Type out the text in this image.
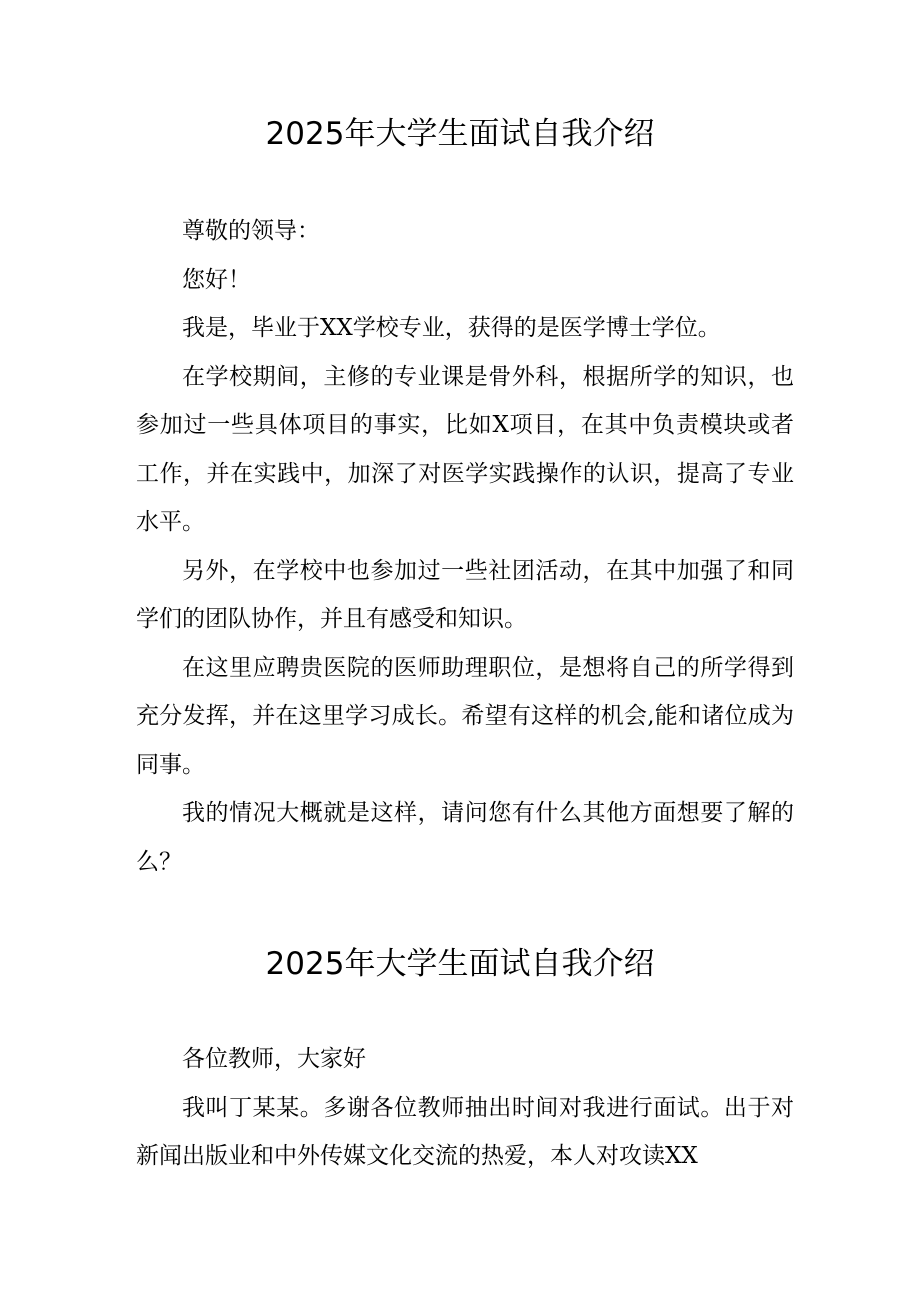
2025年大学生面试自我介绍

尊敬的领导：

您好！

我是，毕业于XX学校专业，获得的是医学博士学位。

在学校期间，主修的专业课是骨外科，根据所学的知识，也参加过一些具体项目的事实，比如X项目，在其中负责模块或者工作，并在实践中，加深了对医学实践操作的认识，提高了专业水平。

另外，在学校中也参加过一些社团活动，在其中加强了和同学们的团队协作，并且有感受和知识。

在这里应聘贵医院的医师助理职位，是想将自己的所学得到充分发挥，并在这里学习成长。希望有这样的机会,能和诸位成为同事。

我的情况大概就是这样，请问您有什么其他方面想要了解的么？

2025年大学生面试自我介绍

各位教师，大家好

我叫丁某某。多谢各位教师抽出时间对我进行面试。出于对新闻出版业和中外传媒文化交流的热爱，本人对攻读XX
